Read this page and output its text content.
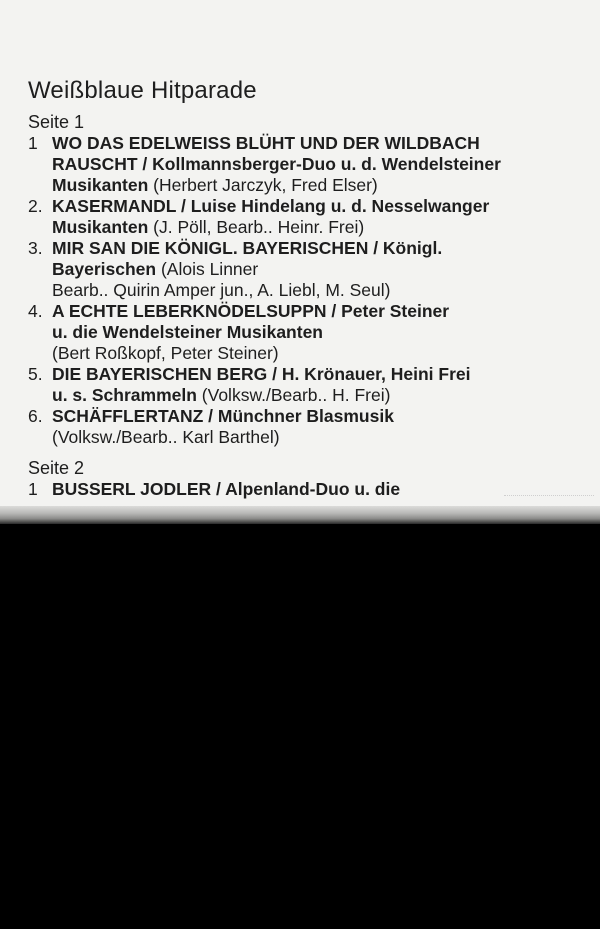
Weißblaue Hitparade
Seite 1
1 WO DAS EDELWEISS BLÜHT UND DER WILDBACH
RAUSCHT / Kollmannsberger-Duo u. d. Wendelsteiner
Musikanten (Herbert Jarczyk, Fred Elser)
2. KASERMANDL / Luise Hindelang u. d. Nesselwanger
Musikanten (J. Pöll, Bearb.. Heinr. Frei)
3. MIR SAN DIE KÖNIGL. BAYERISCHEN / Königl.
Bayerischen (Alois Linner
Bearb.. Quirin Amper jun., A. Liebl, M. Seul)
4. A ECHTE LEBERKNÖDELSUPPN / Peter Steiner
u. die Wendelsteiner Musikanten
(Bert Roßkopf, Peter Steiner)
5. DIE BAYERISCHEN BERG / H. Krönauer, Heini Frei
u. s. Schrammeln (Volksw./Bearb.. H. Frei)
6. SCHÄFFLERTANZ / Münchner Blasmusik
(Volksw./Bearb.. Karl Barthel)
Seite 2
1 BUSSERL JODLER / Alpenland-Duo u. die
